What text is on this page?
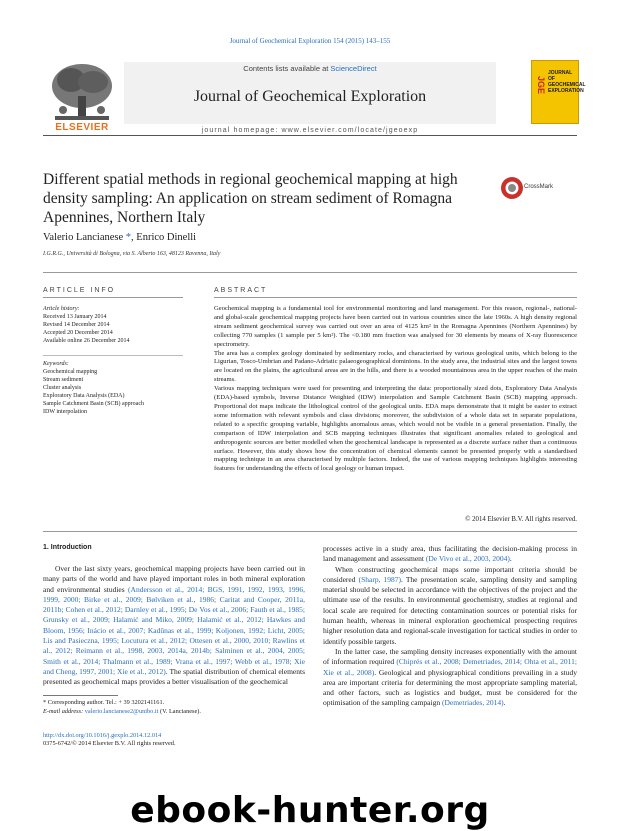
Journal of Geochemical Exploration 154 (2015) 143–155
ELSEVIER
Contents lists available at ScienceDirect
Journal of Geochemical Exploration
journal homepage: www.elsevier.com/locate/jgeoexp
JGE
JOURNAL OF GEOCHEMICAL EXPLORATION
Different spatial methods in regional geochemical mapping at high density sampling: An application on stream sediment of Romagna Apennines, Northern Italy
CrossMark
Valerio Lancianese *, Enrico Dinelli
I.G.R.G., Università di Bologna, via S. Alberto 163, 48123 Ravenna, Italy
ARTICLE INFO	ABSTRACT
Article history:
Received 13 January 2014
Revised 14 December 2014
Accepted 20 December 2014
Available online 26 December 2014
Keywords:
Geochemical mapping
Stream sediment
Cluster analysis
Exploratory Data Analysis (EDA)
Sample Catchment Basin (SCB) approach
IDW interpolation

Geochemical mapping is a fundamental tool for environmental monitoring and land management. For this reason, regional-, national- and global-scale geochemical mapping projects have been carried out in various countries since the late 1960s. A high density regional stream sediment geochemical survey was carried out over an area of 4125 km² in the Romagna Apennines (Northern Apennines) by collecting 770 samples (1 sample per 5 km²). The <0.180 mm fraction was analysed for 30 elements by means of X-ray fluorescence spectrometry.

The area has a complex geology dominated by sedimentary rocks, and characterised by various geological units, which belong to the Ligurian, Tosco-Umbrian and Padano-Adriatic palaeogeographical dominions. In the study area, the industrial sites and the largest towns are located on the plains, the agricultural areas are in the hills, and there is a wooded mountainous area in the upper reaches of the main streams.

Various mapping techniques were used for presenting and interpreting the data: proportionally sized dots, Exploratory Data Analysis (EDA)-based symbols, Inverse Distance Weighted (IDW) interpolation and Sample Catchment Basin (SCB) mapping approach. Proportional dot maps indicate the lithological control of the geological units. EDA maps demonstrate that it might be easier to extract some information with relevant symbols and class divisions; moreover, the subdivision of a whole data set in separate populations, related to a specific grouping variable, highlights anomalous areas, which would not be visible in a general presentation. Finally, the comparison of IDW interpolation and SCB mapping techniques illustrates that significant anomalies related to geological and anthropogenic sources are better modelled when the geochemical landscape is represented as a discrete surface rather than a continuous surface. However, this study shows how the concentration of chemical elements cannot be presented properly with a standardised mapping technique in an area characterised by multiple factors. Indeed, the use of various mapping techniques highlights interesting features for understanding the effects of local geology or human impact.

© 2014 Elsevier B.V. All rights reserved.
1. Introduction
Over the last sixty years, geochemical mapping projects have been carried out in many parts of the world and have played important roles in both mineral exploration and environmental studies (Andersson et al., 2014; BGS, 1991, 1992, 1993, 1996, 1999, 2000; Birke et al., 2009; Bølviken et al., 1986; Caritat and Cooper, 2011a, 2011b; Cohen et al., 2012; Darnley et al., 1995; De Vos et al., 2006; Fauth et al., 1985; Grunsky et al., 2009; Halamić and Miko, 2009; Halamić et al., 2012; Hawkes and Bloom, 1956; Inácio et al., 2007; Kadūnas et al., 1999; Koljonen, 1992; Licht, 2005; Lis and Pasieczna, 1995; Locutura et al., 2012; Ottesen et al., 2000, 2010; Rawlins et al., 2012; Reimann et al., 1998, 2003, 2014a, 2014b; Salminen et al., 2004, 2005; Smith et al., 2014; Thalmann et al., 1989; Vrana et al., 1997; Webb et al., 1978; Xie and Cheng, 1997, 2001; Xie et al., 2012). The spatial distribution of chemical elements presented as geochemical maps provides a better visualisation of the geochemical

processes active in a study area, thus facilitating the decision-making process in land management and assessment (De Vivo et al., 2003, 2004).

When constructing geochemical maps some important criteria should be considered (Sharp, 1987). The presentation scale, sampling density and sampling material should be selected in accordance with the objectives of the project and the ultimate use of the results. In environmental geochemistry, studies at regional and local scale are required for detecting contamination sources or potential risks for human health, whereas in mineral exploration geochemical prospecting requires higher resolution data and regional-scale investigation for tactical studies in order to identify possible targets.

In the latter case, the sampling density increases exponentially with the amount of information required (Chiprés et al., 2008; Demetriades, 2014; Ohta et al., 2011; Xie et al., 2008). Geological and physiographical conditions prevailing in a study area are important criteria for determining the most appropriate sampling material, and other factors, such as logistics and budget, must be considered for the optimisation of the sampling campaign (Demetriades, 2014).

* Corresponding author. Tel.: + 39 3202141161.
E-mail address: valerio.lancianese2@unibo.it (V. Lancianese).
http://dx.doi.org/10.1016/j.gexplo.2014.12.014
0375-6742/© 2014 Elsevier B.V. All rights reserved.
ebook-hunter.org
